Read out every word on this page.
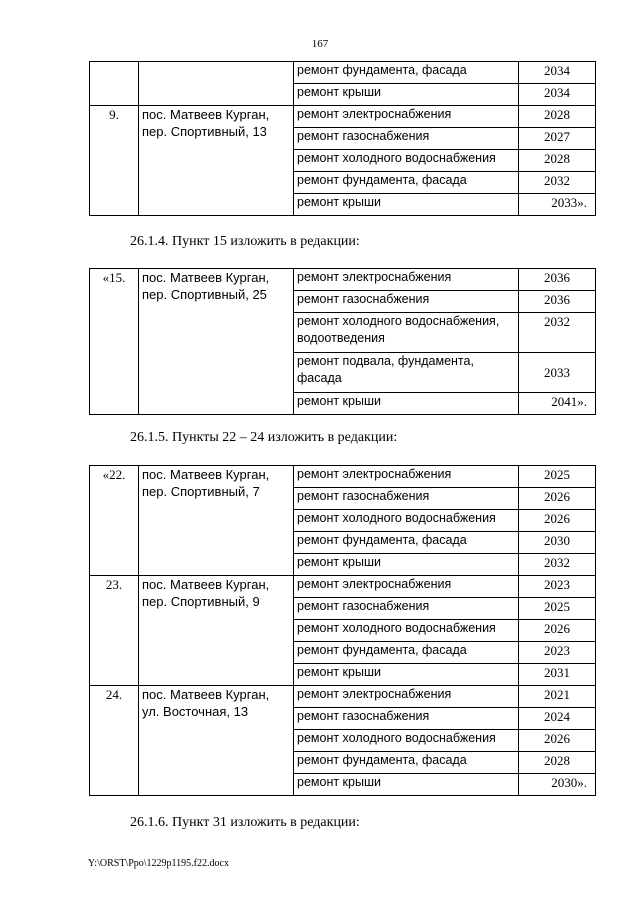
167
		ремонт фундамента, фасада	2034
		ремонт крыши	2034
9.	пос. Матвеев Курган, пер. Спортивный, 13	ремонт электроснабжения	2028
		ремонт газоснабжения	2027
		ремонт холодного водоснабжения	2028
		ремонт фундамента, фасада	2032
		ремонт крыши	2033».
26.1.4. Пункт 15 изложить в редакции:
«15.	пос. Матвеев Курган, пер. Спортивный, 25	ремонт электроснабжения	2036
		ремонт газоснабжения	2036
		ремонт холодного водоснабжения, водоотведения	2032
		ремонт подвала, фундамента, фасада	2033
		ремонт крыши	2041».
26.1.5. Пункты 22 – 24 изложить в редакции:
«22.	пос. Матвеев Курган, пер. Спортивный, 7	ремонт электроснабжения	2025
		ремонт газоснабжения	2026
		ремонт холодного водоснабжения	2026
		ремонт фундамента, фасада	2030
		ремонт крыши	2032
23.	пос. Матвеев Курган, пер. Спортивный, 9	ремонт электроснабжения	2023
		ремонт газоснабжения	2025
		ремонт холодного водоснабжения	2026
		ремонт фундамента, фасада	2023
		ремонт крыши	2031
24.	пос. Матвеев Курган, ул. Восточная, 13	ремонт электроснабжения	2021
		ремонт газоснабжения	2024
		ремонт холодного водоснабжения	2026
		ремонт фундамента, фасада	2028
		ремонт крыши	2030».
26.1.6. Пункт 31 изложить в редакции:
Y:\ORST\Ppo\1229p1195.f22.docx
